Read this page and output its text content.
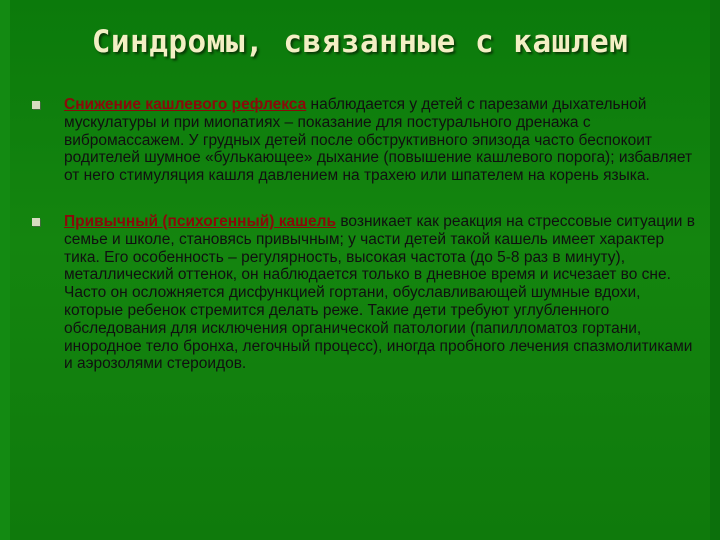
Синдромы, связанные с кашлем
Снижение кашлевого рефлекса наблюдается у детей с парезами дыхательной мускулатуры и при миопатиях – показание для постурального дренажа с вибромассажем. У грудных детей после обструктивного эпизода часто беспокоит родителей шумное «булькающее» дыхание (повышение кашлевого порога); избавляет от него стимуляция кашля давлением на трахею или шпателем на корень языка.
Привычный (психогенный) кашель возникает как реакция на стрессовые ситуации в семье и школе, становясь привычным; у части детей такой кашель имеет характер тика. Его особенность – регулярность, высокая частота (до 5-8 раз в минуту), металлический оттенок, он наблюдается только в дневное время и исчезает во сне. Часто он осложняется дисфункцией гортани, обуславливающей шумные вдохи, которые ребенок стремится делать реже. Такие дети требуют углубленного обследования для исключения органической патологии (папилломатоз гортани, инородное тело бронха, легочный процесс), иногда пробного лечения спазмолитиками и аэрозолями стероидов.
